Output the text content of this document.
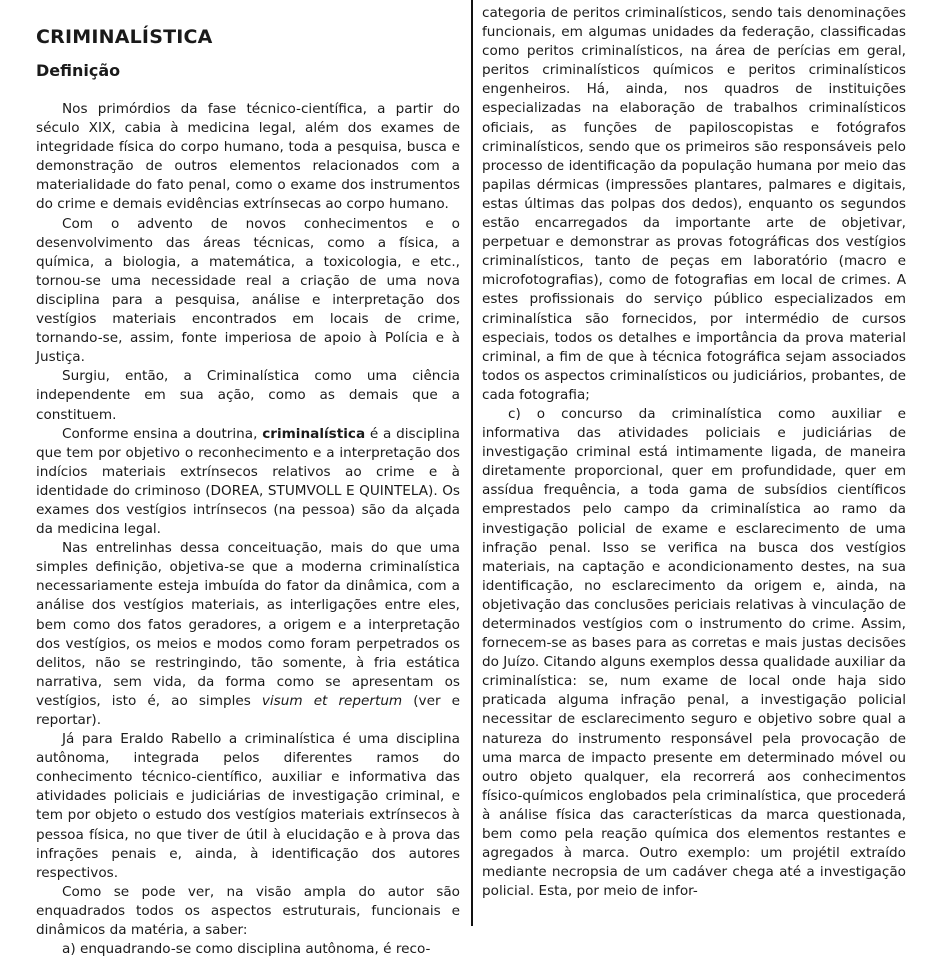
CRIMINALÍSTICA
Definição

Nos primórdios da fase técnico-científica, a partir do século XIX, cabia à medicina legal, além dos exames de integridade física do corpo humano, toda a pesquisa, busca e demonstração de outros elementos relacionados com a materialidade do fato penal, como o exame dos instrumentos do crime e demais evidências extrínsecas ao corpo humano.

Com o advento de novos conhecimentos e o desenvolvimento das áreas técnicas, como a física, a química, a biologia, a matemática, a toxicologia, e etc., tornou-se uma necessidade real a criação de uma nova disciplina para a pesquisa, análise e interpretação dos vestígios materiais encontrados em locais de crime, tornando-se, assim, fonte imperiosa de apoio à Polícia e à Justiça.

Surgiu, então, a Criminalística como uma ciência independente em sua ação, como as demais que a constituem.

Conforme ensina a doutrina, criminalística é a disciplina que tem por objetivo o reconhecimento e a interpretação dos indícios materiais extrínsecos relativos ao crime e à identidade do criminoso (DOREA, STUMVOLL E QUINTELA). Os exames dos vestígios intrínsecos (na pessoa) são da alçada da medicina legal.

Nas entrelinhas dessa conceituação, mais do que uma simples definição, objetiva-se que a moderna criminalística necessariamente esteja imbuída do fator da dinâmica, com a análise dos vestígios materiais, as interligações entre eles, bem como dos fatos geradores, a origem e a interpretação dos vestígios, os meios e modos como foram perpetrados os delitos, não se restringindo, tão somente, à fria estática narrativa, sem vida, da forma como se apresentam os vestígios, isto é, ao simples visum et repertum (ver e reportar).

Já para Eraldo Rabello a criminalística é uma disciplina autônoma, integrada pelos diferentes ramos do conhecimento técnico-científico, auxiliar e informativa das atividades policiais e judiciárias de investigação criminal, e tem por objeto o estudo dos vestígios materiais extrínsecos à pessoa física, no que tiver de útil à elucidação e à prova das infrações penais e, ainda, à identificação dos autores respectivos.

Como se pode ver, na visão ampla do autor são enquadrados todos os aspectos estruturais, funcionais e dinâmicos da matéria, a saber:

a) enquadrando-se como disciplina autônoma, é reco-

categoria de peritos criminalísticos, sendo tais denominações funcionais, em algumas unidades da federação, classificadas como peritos criminalísticos, na área de perícias em geral, peritos criminalísticos químicos e peritos criminalísticos engenheiros. Há, ainda, nos quadros de instituições especializadas na elaboração de trabalhos criminalísticos oficiais, as funções de papiloscopistas e fotógrafos criminalísticos, sendo que os primeiros são responsáveis pelo processo de identificação da população humana por meio das papilas dérmicas (impressões plantares, palmares e digitais, estas últimas das polpas dos dedos), enquanto os segundos estão encarregados da importante arte de objetivar, perpetuar e demonstrar as provas fotográficas dos vestígios criminalísticos, tanto de peças em laboratório (macro e microfotografias), como de fotografias em local de crimes. A estes profissionais do serviço público especializados em criminalística são fornecidos, por intermédio de cursos especiais, todos os detalhes e importância da prova material criminal, a fim de que à técnica fotográfica sejam associados todos os aspectos criminalísticos ou judiciários, probantes, de cada fotografia;

c) o concurso da criminalística como auxiliar e informativa das atividades policiais e judiciárias de investigação criminal está intimamente ligada, de maneira diretamente proporcional, quer em profundidade, quer em assídua frequência, a toda gama de subsídios científicos emprestados pelo campo da criminalística ao ramo da investigação policial de exame e esclarecimento de uma infração penal. Isso se verifica na busca dos vestígios materiais, na captação e acondicionamento destes, na sua identificação, no esclarecimento da origem e, ainda, na objetivação das conclusões periciais relativas à vinculação de determinados vestígios com o instrumento do crime. Assim, fornecem-se as bases para as corretas e mais justas decisões do Juízo. Citando alguns exemplos dessa qualidade auxiliar da criminalística: se, num exame de local onde haja sido praticada alguma infração penal, a investigação policial necessitar de esclarecimento seguro e objetivo sobre qual a natureza do instrumento responsável pela provocação de uma marca de impacto presente em determinado móvel ou outro objeto qualquer, ela recorrerá aos conhecimentos físico-químicos englobados pela criminalística, que procederá à análise física das características da marca questionada, bem como pela reação química dos elementos restantes e agregados à marca. Outro exemplo: um projétil extraído mediante necropsia de um cadáver chega até a investigação policial. Esta, por meio de infor-
